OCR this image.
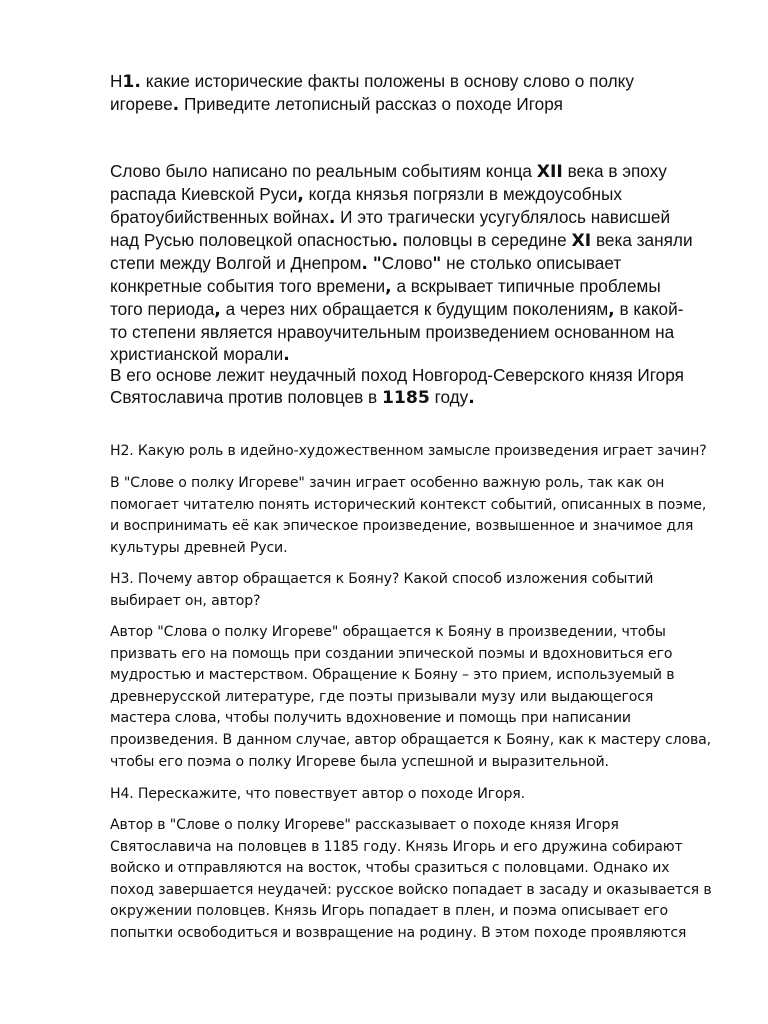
Н1. какие исторические факты положены в основу слово о полку
игореве. Приведите летописный рассказ о походе Игоря
Слово было написано по реальным событиям конца XII века в эпоху
распада Киевской Руси, когда князья погрязли в междоусобных
братоубийственных войнах. И это трагически усугублялось нависшей
над Русью половецкой опасностью. половцы в середине XI века заняли
степи между Волгой и Днепром. "Слово" не столько описывает
конкретные события того времени, а вскрывает типичные проблемы
того периода, а через них обращается к будущим поколениям, в какой-
то степени является нравоучительным произведением основанном на
христианской морали.
В его основе лежит неудачный поход Новгород-Северского князя Игоря
Святославича против половцев в 1185 году.
Н2. Какую роль в идейно-художественном замысле произведения играет зачин?
В "Слове о полку Игореве" зачин играет особенно важную роль, так как он
помогает читателю понять исторический контекст событий, описанных в поэме,
и воспринимать её как эпическое произведение, возвышенное и значимое для
культуры древней Руси.
Н3. Почему автор обращается к Бояну? Какой способ изложения событий
выбирает он, автор?
Автор "Слова о полку Игореве" обращается к Бояну в произведении, чтобы
призвать его на помощь при создании эпической поэмы и вдохновиться его
мудростью и мастерством. Обращение к Бояну – это прием, используемый в
древнерусской литературе, где поэты призывали музу или выдающегося
мастера слова, чтобы получить вдохновение и помощь при написании
произведения. В данном случае, автор обращается к Бояну, как к мастеру слова,
чтобы его поэма о полку Игореве была успешной и выразительной.
Н4. Перескажите, что повествует автор о походе Игоря.
Автор в "Слове о полку Игореве" рассказывает о походе князя Игоря
Святославича на половцев в 1185 году. Князь Игорь и его дружина собирают
войско и отправляются на восток, чтобы сразиться с половцами. Однако их
поход завершается неудачей: русское войско попадает в засаду и оказывается в
окружении половцев. Князь Игорь попадает в плен, и поэма описывает его
попытки освободиться и возвращение на родину. В этом походе проявляются
